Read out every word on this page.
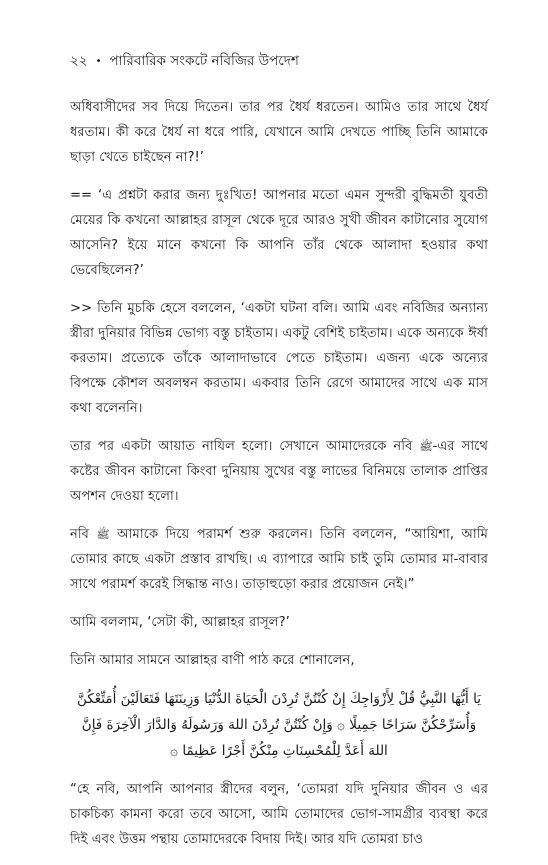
২২ • পারিবারিক সংকটে নবিজির উপদেশ

অধিবাসীদের সব দিয়ে দিতেন। তার পর ধৈর্য ধরতেন। আমিও তার সাথে ধৈর্য ধরতাম। কী করে ধৈর্য না ধরে পারি, যেখানে আমি দেখতে পাচ্ছি তিনি আমাকে ছাড়া খেতে চাইছেন না?!’

== ‘এ প্রশ্নটা করার জন্য দুঃখিত! আপনার মতো এমন সুন্দরী বুদ্ধিমতী যুবতী মেয়ের কি কখনো আল্লাহর রাসূল থেকে দূরে আরও সুখী জীবন কাটানোর সুযোগ আসেনি? ইয়ে মানে কখনো কি আপনি তাঁর থেকে আলাদা হওয়ার কথা ভেবেছিলেন?’

>> তিনি মুচকি হেসে বললেন, ‘একটা ঘটনা বলি। আমি এবং নবিজির অন্যান্য স্ত্রীরা দুনিয়ার বিভিন্ন ভোগ্য বস্তু চাইতাম। একটু বেশিই চাইতাম। একে অন্যকে ঈর্ষা করতাম। প্রত্যেকে তাঁকে আলাদাভাবে পেতে চাইতাম। এজন্য একে অন্যের বিপক্ষে কৌশল অবলম্বন করতাম। একবার তিনি রেগে আমাদের সাথে এক মাস কথা বলেননি।

তার পর একটা আয়াত নাযিল হলো। সেখানে আমাদেরকে নবি ﷺ-এর সাথে কষ্টের জীবন কাটানো কিংবা দুনিয়ায় সুখের বস্তু লাভের বিনিময়ে তালাক প্রাপ্তির অপশন দেওয়া হলো।

নবি ﷺ আমাকে দিয়ে পরামর্শ শুরু করলেন। তিনি বললেন, “আয়িশা, আমি তোমার কাছে একটা প্রস্তাব রাখছি। এ ব্যাপারে আমি চাই তুমি তোমার মা-বাবার সাথে পরামর্শ করেই সিদ্ধান্ত নাও। তাড়াহুড়ো করার প্রয়োজন নেই।”

আমি বললাম, ‘সেটা কী, আল্লাহর রাসূল?’

তিনি আমার সামনে আল্লাহর বাণী পাঠ করে শোনালেন,

يَا أَيُّهَا النَّبِيُّ قُلْ لِأَزْوَاجِكَ إِنْ كُنْتُنَّ تُرِدْنَ الْحَيَاةَ الدُّنْيَا وَزِينَتَهَا فَتَعَالَيْنَ أُمَتِّعْكُنَّ وَأُسَرِّحْكُنَّ سَرَاحًا جَمِيلًا ۞ وَإِنْ كُنْتُنَّ تُرِدْنَ اللهَ وَرَسُولَهُ وَالدَّارَ الْآخِرَةَ فَإِنَّ اللهَ أَعَدَّ لِلْمُحْسِنَاتِ مِنْكُنَّ أَجْرًا عَظِيمًا ۞

“হে নবি, আপনি আপনার স্ত্রীদের বলুন, ‘তোমরা যদি দুনিয়ার জীবন ও এর চাকচিক্য কামনা করো তবে আসো, আমি তোমাদের ভোগ-সামগ্রীর ব্যবস্থা করে দিই এবং উত্তম পন্থায় তোমাদেরকে বিদায় দিই। আর যদি তোমরা চাও
